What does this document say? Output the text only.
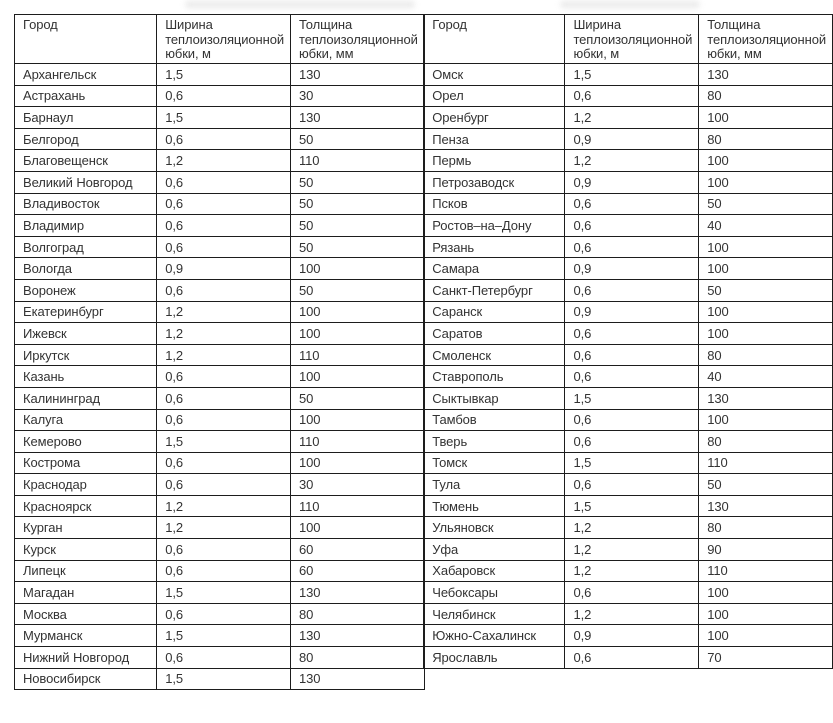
Город	Ширина теплоизоляционной юбки, м	Толщина теплоизоляционной юбки, мм
Архангельск	1,5	130
Астрахань	0,6	30
Барнаул	1,5	130
Белгород	0,6	50
Благовещенск	1,2	110
Великий Новгород	0,6	50
Владивосток	0,6	50
Владимир	0,6	50
Волгоград	0,6	50
Вологда	0,9	100
Воронеж	0,6	50
Екатеринбург	1,2	100
Ижевск	1,2	100
Иркутск	1,2	110
Казань	0,6	100
Калининград	0,6	50
Калуга	0,6	100
Кемерово	1,5	110
Кострома	0,6	100
Краснодар	0,6	30
Красноярск	1,2	110
Курган	1,2	100
Курск	0,6	60
Липецк	0,6	60
Магадан	1,5	130
Москва	0,6	80
Мурманск	1,5	130
Нижний Новгород	0,6	80
Новосибирск	1,5	130
Город	Ширина теплоизоляционной юбки, м	Толщина теплоизоляционной юбки, мм
Омск	1,5	130
Орел	0,6	80
Оренбург	1,2	100
Пенза	0,9	80
Пермь	1,2	100
Петрозаводск	0,9	100
Псков	0,6	50
Ростов–на–Дону	0,6	40
Рязань	0,6	100
Самара	0,9	100
Санкт-Петербург	0,6	50
Саранск	0,9	100
Саратов	0,6	100
Смоленск	0,6	80
Ставрополь	0,6	40
Сыктывкар	1,5	130
Тамбов	0,6	100
Тверь	0,6	80
Томск	1,5	110
Тула	0,6	50
Тюмень	1,5	130
Ульяновск	1,2	80
Уфа	1,2	90
Хабаровск	1,2	110
Чебоксары	0,6	100
Челябинск	1,2	100
Южно-Сахалинск	0,9	100
Ярославль	0,6	70
